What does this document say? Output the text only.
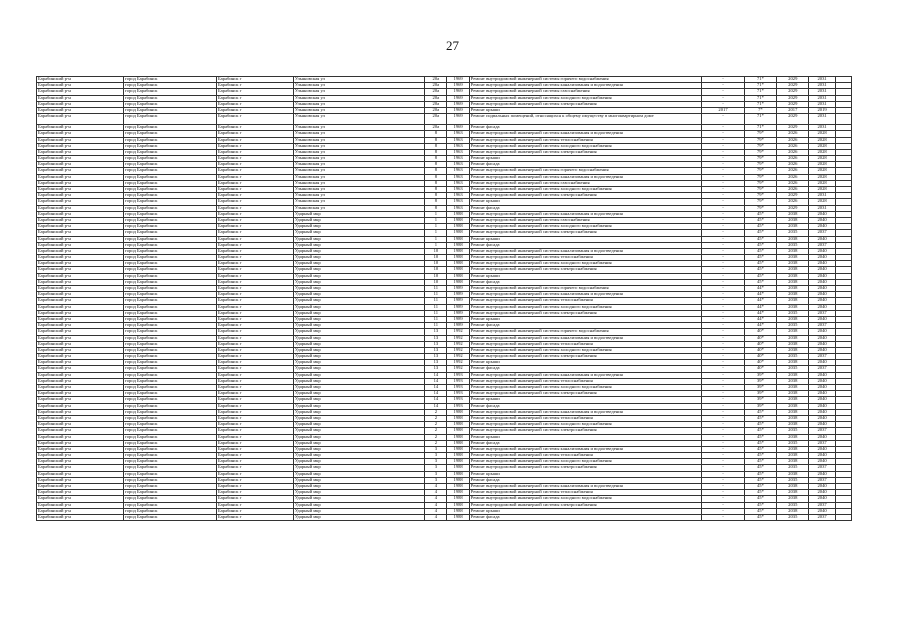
27
Барабинский р-н	город Барабинск	Барабинск г	Ульяновская ул	20а	1969	Ремонт внутридомовой инженерной системы горячего водоснабжения	-	71*	2029	2031	
Барабинский р-н	город Барабинск	Барабинск г	Ульяновская ул	20а	1969	Ремонт внутридомовой инженерной системы канализования и водоотведения	-	71*	2029	2031	
Барабинский р-н	город Барабинск	Барабинск г	Ульяновская ул	20а	1969	Ремонт внутридомовой инженерной системы газоснабжения	-	71*	2029	2031	
Барабинский р-н	город Барабинск	Барабинск г	Ульяновская ул	20а	1969	Ремонт внутридомовой инженерной системы холодного водоснабжения	-	71*	2029	2031	
Барабинский р-н	город Барабинск	Барабинск г	Ульяновская ул	20а	1969	Ремонт внутридомовой инженерной системы электроснабжения	-	71*	2029	2031	
Барабинский р-н	город Барабинск	Барабинск г	Ульяновская ул	20а	1969	Ремонт крыши	2017	7*	2017	2019	
Барабинский р-н	город Барабинск	Барабинск г	Ульяновская ул	20а	1969	Ремонт подвальных помещений, относящихся к общему имуществу в многоквартирном доме	-	71*	2029	2031	
Барабинский р-н	город Барабинск	Барабинск г	Ульяновская ул	20а	1969	Ремонт фасада	-	71*	2029	2031	
Барабинский р-н	город Барабинск	Барабинск г	Ульяновская ул	8	1963	Ремонт внутридомовой инженерной системы канализования и водоотведения	-	79*	2026	2028	
Барабинский р-н	город Барабинск	Барабинск г	Ульяновская ул	8	1963	Ремонт внутридомовой инженерной системы теплоснабжения	-	79*	2026	2028	
Барабинский р-н	город Барабинск	Барабинск г	Ульяновская ул	8	1963	Ремонт внутридомовой инженерной системы холодного водоснабжения	-	79*	2026	2028	
Барабинский р-н	город Барабинск	Барабинск г	Ульяновская ул	8	1963	Ремонт внутридомовой инженерной системы электроснабжения	-	79*	2026	2028	
Барабинский р-н	город Барабинск	Барабинск г	Ульяновская ул	8	1963	Ремонт крыши	-	79*	2026	2028	
Барабинский р-н	город Барабинск	Барабинск г	Ульяновская ул	8	1963	Ремонт фасада	-	79*	2026	2028	
Барабинский р-н	город Барабинск	Барабинск г	Ульяновская ул	8	1963	Ремонт внутридомовой инженерной системы горячего водоснабжения	-	79*	2026	2028	
Барабинский р-н	город Барабинск	Барабинск г	Ульяновская ул	8	1963	Ремонт внутридомовой инженерной системы канализования и водоотведения	-	79*	2026	2028	
Барабинский р-н	город Барабинск	Барабинск г	Ульяновская ул	8	1963	Ремонт внутридомовой инженерной системы газоснабжения	-	79*	2026	2028	
Барабинский р-н	город Барабинск	Барабинск г	Ульяновская ул	8	1963	Ремонт внутридомовой инженерной системы холодного водоснабжения	-	79*	2026	2028	
Барабинский р-н	город Барабинск	Барабинск г	Ульяновская ул	8	1963	Ремонт внутридомовой инженерной системы электроснабжения	-	79*	2029	2031	
Барабинский р-н	город Барабинск	Барабинск г	Ульяновская ул	8	1963	Ремонт крыши	-	79*	2026	2028	
Барабинский р-н	город Барабинск	Барабинск г	Ульяновская ул	8	1963	Ремонт фасада	-	79*	2029	2031	
Барабинский р-н	город Барабинск	Барабинск г	Ударный мкр	1	1988	Ремонт внутридомовой инженерной системы канализования и водоотведения	-	45*	2038	2040	
Барабинский р-н	город Барабинск	Барабинск г	Ударный мкр	1	1988	Ремонт внутридомовой инженерной системы газоснабжения	-	45*	2038	2040	
Барабинский р-н	город Барабинск	Барабинск г	Ударный мкр	1	1988	Ремонт внутридомовой инженерной системы холодного водоснабжения	-	45*	2038	2040	
Барабинский р-н	город Барабинск	Барабинск г	Ударный мкр	1	1988	Ремонт внутридомовой инженерной системы электроснабжения	-	45*	2035	2037	
Барабинский р-н	город Барабинск	Барабинск г	Ударный мкр	1	1988	Ремонт крыши	-	45*	2038	2040	
Барабинский р-н	город Барабинск	Барабинск г	Ударный мкр	1	1988	Ремонт фасада	-	45*	2035	2037	
Барабинский р-н	город Барабинск	Барабинск г	Ударный мкр	10	1988	Ремонт внутридомовой инженерной системы канализования и водоотведения	-	45*	2038	2040	
Барабинский р-н	город Барабинск	Барабинск г	Ударный мкр	10	1988	Ремонт внутридомовой инженерной системы теплоснабжения	-	45*	2038	2040	
Барабинский р-н	город Барабинск	Барабинск г	Ударный мкр	10	1988	Ремонт внутридомовой инженерной системы холодного водоснабжения	-	45*	2038	2040	
Барабинский р-н	город Барабинск	Барабинск г	Ударный мкр	10	1988	Ремонт внутридомовой инженерной системы электроснабжения	-	45*	2038	2040	
Барабинский р-н	город Барабинск	Барабинск г	Ударный мкр	10	1988	Ремонт крыши	-	45*	2038	2040	
Барабинский р-н	город Барабинск	Барабинск г	Ударный мкр	10	1988	Ремонт фасада	-	45*	2038	2040	
Барабинский р-н	город Барабинск	Барабинск г	Ударный мкр	11	1989	Ремонт внутридомовой инженерной системы горячего водоснабжения	-	44*	2038	2040	
Барабинский р-н	город Барабинск	Барабинск г	Ударный мкр	11	1989	Ремонт внутридомовой инженерной системы канализования и водоотведения	-	44*	2038	2040	
Барабинский р-н	город Барабинск	Барабинск г	Ударный мкр	11	1989	Ремонт внутридомовой инженерной системы теплоснабжения	-	44*	2038	2040	
Барабинский р-н	город Барабинск	Барабинск г	Ударный мкр	11	1989	Ремонт внутридомовой инженерной системы холодного водоснабжения	-	44*	2038	2040	
Барабинский р-н	город Барабинск	Барабинск г	Ударный мкр	11	1989	Ремонт внутридомовой инженерной системы электроснабжения	-	44*	2035	2037	
Барабинский р-н	город Барабинск	Барабинск г	Ударный мкр	11	1989	Ремонт крыши	-	44*	2038	2040	
Барабинский р-н	город Барабинск	Барабинск г	Ударный мкр	11	1989	Ремонт фасада	-	44*	2035	2037	
Барабинский р-н	город Барабинск	Барабинск г	Ударный мкр	13	1992	Ремонт внутридомовой инженерной системы горячего водоснабжения	-	40*	2038	2040	
Барабинский р-н	город Барабинск	Барабинск г	Ударный мкр	13	1992	Ремонт внутридомовой инженерной системы канализования и водоотведения	-	40*	2038	2040	
Барабинский р-н	город Барабинск	Барабинск г	Ударный мкр	13	1992	Ремонт внутридомовой инженерной системы теплоснабжения	-	40*	2038	2040	
Барабинский р-н	город Барабинск	Барабинск г	Ударный мкр	13	1992	Ремонт внутридомовой инженерной системы холодного водоснабжения	-	40*	2038	2040	
Барабинский р-н	город Барабинск	Барабинск г	Ударный мкр	13	1992	Ремонт внутридомовой инженерной системы электроснабжения	-	40*	2035	2037	
Барабинский р-н	город Барабинск	Барабинск г	Ударный мкр	13	1992	Ремонт крыши	-	40*	2038	2040	
Барабинский р-н	город Барабинск	Барабинск г	Ударный мкр	13	1992	Ремонт фасада	-	40*	2035	2037	
Барабинский р-н	город Барабинск	Барабинск г	Ударный мкр	14	1993	Ремонт внутридомовой инженерной системы канализования и водоотведения	-	39*	2038	2040	
Барабинский р-н	город Барабинск	Барабинск г	Ударный мкр	14	1993	Ремонт внутридомовой инженерной системы теплоснабжения	-	39*	2038	2040	
Барабинский р-н	город Барабинск	Барабинск г	Ударный мкр	14	1993	Ремонт внутридомовой инженерной системы холодного водоснабжения	-	39*	2038	2040	
Барабинский р-н	город Барабинск	Барабинск г	Ударный мкр	14	1993	Ремонт внутридомовой инженерной системы электроснабжения	-	39*	2038	2040	
Барабинский р-н	город Барабинск	Барабинск г	Ударный мкр	14	1993	Ремонт крыши	-	39*	2038	2040	
Барабинский р-н	город Барабинск	Барабинск г	Ударный мкр	14	1993	Ремонт фасада	-	39*	2038	2040	
Барабинский р-н	город Барабинск	Барабинск г	Ударный мкр	2	1988	Ремонт внутридомовой инженерной системы канализования и водоотведения	-	45*	2038	2040	
Барабинский р-н	город Барабинск	Барабинск г	Ударный мкр	2	1988	Ремонт внутридомовой инженерной системы теплоснабжения	-	45*	2038	2040	
Барабинский р-н	город Барабинск	Барабинск г	Ударный мкр	2	1988	Ремонт внутридомовой инженерной системы холодного водоснабжения	-	45*	2038	2040	
Барабинский р-н	город Барабинск	Барабинск г	Ударный мкр	2	1988	Ремонт внутридомовой инженерной системы электроснабжения	-	45*	2035	2037	
Барабинский р-н	город Барабинск	Барабинск г	Ударный мкр	2	1988	Ремонт крыши	-	45*	2038	2040	
Барабинский р-н	город Барабинск	Барабинск г	Ударный мкр	2	1988	Ремонт фасада	-	45*	2035	2037	
Барабинский р-н	город Барабинск	Барабинск г	Ударный мкр	3	1988	Ремонт внутридомовой инженерной системы канализования и водоотведения	-	45*	2038	2040	
Барабинский р-н	город Барабинск	Барабинск г	Ударный мкр	3	1988	Ремонт внутридомовой инженерной системы теплоснабжения	-	45*	2038	2040	
Барабинский р-н	город Барабинск	Барабинск г	Ударный мкр	3	1988	Ремонт внутридомовой инженерной системы холодного водоснабжения	-	45*	2038	2040	
Барабинский р-н	город Барабинск	Барабинск г	Ударный мкр	3	1988	Ремонт внутридомовой инженерной системы электроснабжения	-	45*	2035	2037	
Барабинский р-н	город Барабинск	Барабинск г	Ударный мкр	3	1988	Ремонт крыши	-	45*	2038	2040	
Барабинский р-н	город Барабинск	Барабинск г	Ударный мкр	3	1988	Ремонт фасада	-	45*	2035	2037	
Барабинский р-н	город Барабинск	Барабинск г	Ударный мкр	4	1988	Ремонт внутридомовой инженерной системы канализования и водоотведения	-	45*	2038	2040	
Барабинский р-н	город Барабинск	Барабинск г	Ударный мкр	4	1988	Ремонт внутридомовой инженерной системы теплоснабжения	-	45*	2038	2040	
Барабинский р-н	город Барабинск	Барабинск г	Ударный мкр	4	1988	Ремонт внутридомовой инженерной системы холодного водоснабжения	-	45*	2038	2040	
Барабинский р-н	город Барабинск	Барабинск г	Ударный мкр	4	1988	Ремонт внутридомовой инженерной системы электроснабжения	-	45*	2035	2037	
Барабинский р-н	город Барабинск	Барабинск г	Ударный мкр	4	1988	Ремонт крыши	-	45*	2038	2040	
Барабинский р-н	город Барабинск	Барабинск г	Ударный мкр	4	1988	Ремонт фасада	-	45*	2035	2037	
